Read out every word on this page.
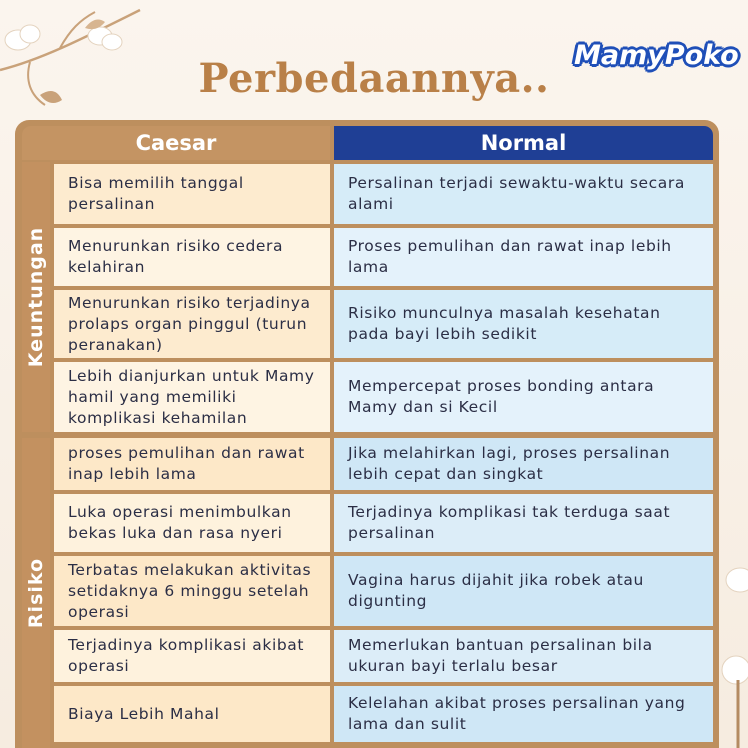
Perbedaannya.. MamyPoko
Caesar	Normal
Keuntungan
Risiko
Bisa memilih tanggal persalinan
Persalinan terjadi sewaktu-waktu secara alami
Menurunkan risiko cedera kelahiran
Proses pemulihan dan rawat inap lebih lama
Menurunkan risiko terjadinya prolaps organ pinggul (turun peranakan)
Risiko munculnya masalah kesehatan pada bayi lebih sedikit
Lebih dianjurkan untuk Mamy hamil yang memiliki komplikasi kehamilan
Mempercepat proses bonding antara Mamy dan si Kecil
proses pemulihan dan rawat inap lebih lama
Jika melahirkan lagi, proses persalinan lebih cepat dan singkat
Luka operasi menimbulkan bekas luka dan rasa nyeri
Terjadinya komplikasi tak terduga saat persalinan
Terbatas melakukan aktivitas setidaknya 6 minggu setelah operasi
Vagina harus dijahit jika robek atau digunting
Terjadinya komplikasi akibat operasi
Memerlukan bantuan persalinan bila ukuran bayi terlalu besar
Biaya Lebih Mahal
Kelelahan akibat proses persalinan yang lama dan sulit
